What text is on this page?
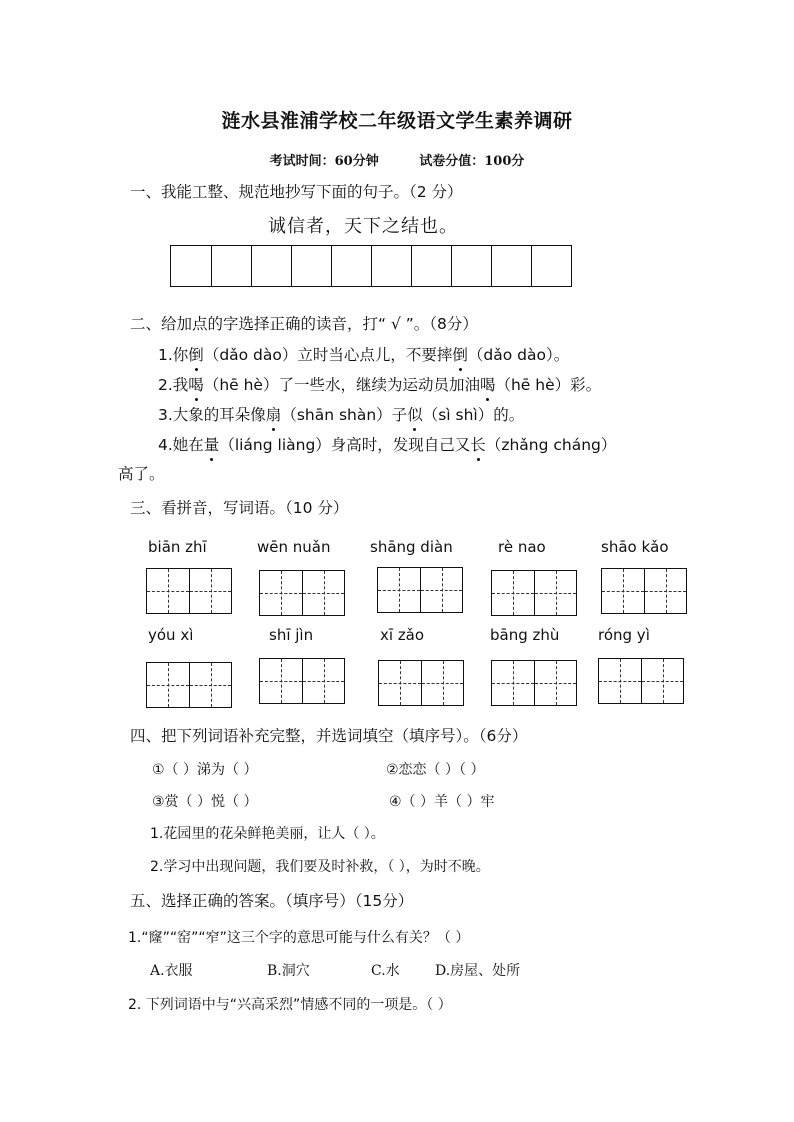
涟水县淮浦学校二年级语文学生素养调研
考试时间：60分钟	试卷分值：100分
一、我能工整、规范地抄写下面的句子。（2 分）
诚信者，天下之结也。
二、给加点的字选择正确的读音，打“ √ ”。（8分）
1.你倒（dǎo dào）立时当心点儿，不要摔倒（dǎo dào）。
2.我喝（hē hè）了一些水，继续为运动员加油喝（hē hè）彩。
3.大象的耳朵像扇（shān shàn）子似（sì shì）的。
4.她在量（liáng liàng）身高时，发现自己又长（zhǎng cháng）
高了。
三、看拼音，写词语。（10 分）
biān zhī	wēn nuǎn	shāng diàn	rè nao	shāo kǎo
yóu xì	shī jìn	xī zǎo	bāng zhù	róng yì
四、把下列词语补充完整，并选词填空（填序号）。（6分）
①（ ）涕为（ ）	②恋恋（ ）（ ）
③赏（ ）悦（ ）	④（ ）羊（ ）牢
1.花园里的花朵鲜艳美丽，让人（ ）。
2.学习中出现问题，我们要及时补救，（ ），为时不晚。
五、选择正确的答案。（填序号）（15分）
1.“窿”“窑”“窄”这三个字的意思可能与什么有关？（ ）
A.衣服	B.洞穴	C.水	D.房屋、处所
2. 下列词语中与“兴高采烈”情感不同的一项是。（ ）
